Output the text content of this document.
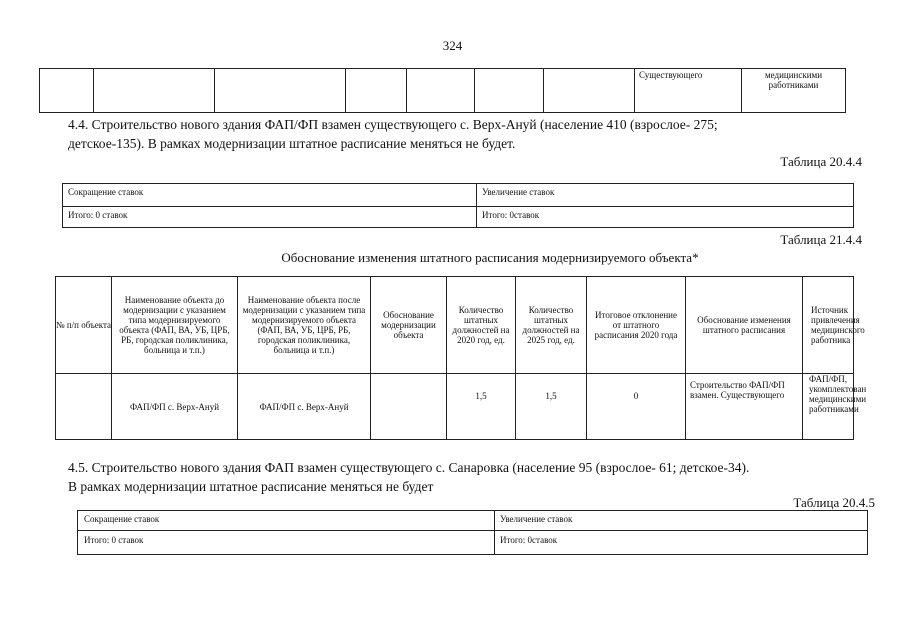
324
							Существующего	медицинскими работниками
4.4. Строительство нового здания ФАП/ФП взамен существующего с. Верх-Ануй (население 410 (взрослое- 275;
детское-135). В рамках модернизации штатное расписание меняться не будет.
Таблица 20.4.4
Сокращение ставок	Увеличение ставок
Итого: 0 ставок	Итого: 0ставок
Таблица 21.4.4
Обоснование изменения штатного расписания модернизируемого объекта*
№ п/п объекта	Наименование объекта до модернизации с указанием типа модернизируемого объекта (ФАП, ВА, УБ, ЦРБ, РБ, городская поликлиника, больница и т.п.)	Наименование объекта после модернизации с указанием типа модернизируемого объекта (ФАП, ВА, УБ, ЦРБ, РБ, городская поликлиника, больница и т.п.)	Обоснование модернизации объекта	Количество штатных должностей на 2020 год, ед.	Количество штатных должностей на 2025 год, ед.	Итоговое отклонение от штатного расписания 2020 года	Обоснование изменения штатного расписания	Источник привлечения медицинского работника
	ФАП/ФП с. Верх-Ануй	ФАП/ФП с. Верх-Ануй		1,5	1,5	0	Строительство ФАП/ФП взамен. Существующего	ФАП/ФП, укомплектован медицинскими работниками
4.5. Строительство нового здания ФАП взамен существующего с. Санаровка (население 95 (взрослое- 61; детское-34).
В рамках модернизации штатное расписание меняться не будет
Таблица 20.4.5
Сокращение ставок	Увеличение ставок
Итого: 0 ставок	Итого: 0ставок
